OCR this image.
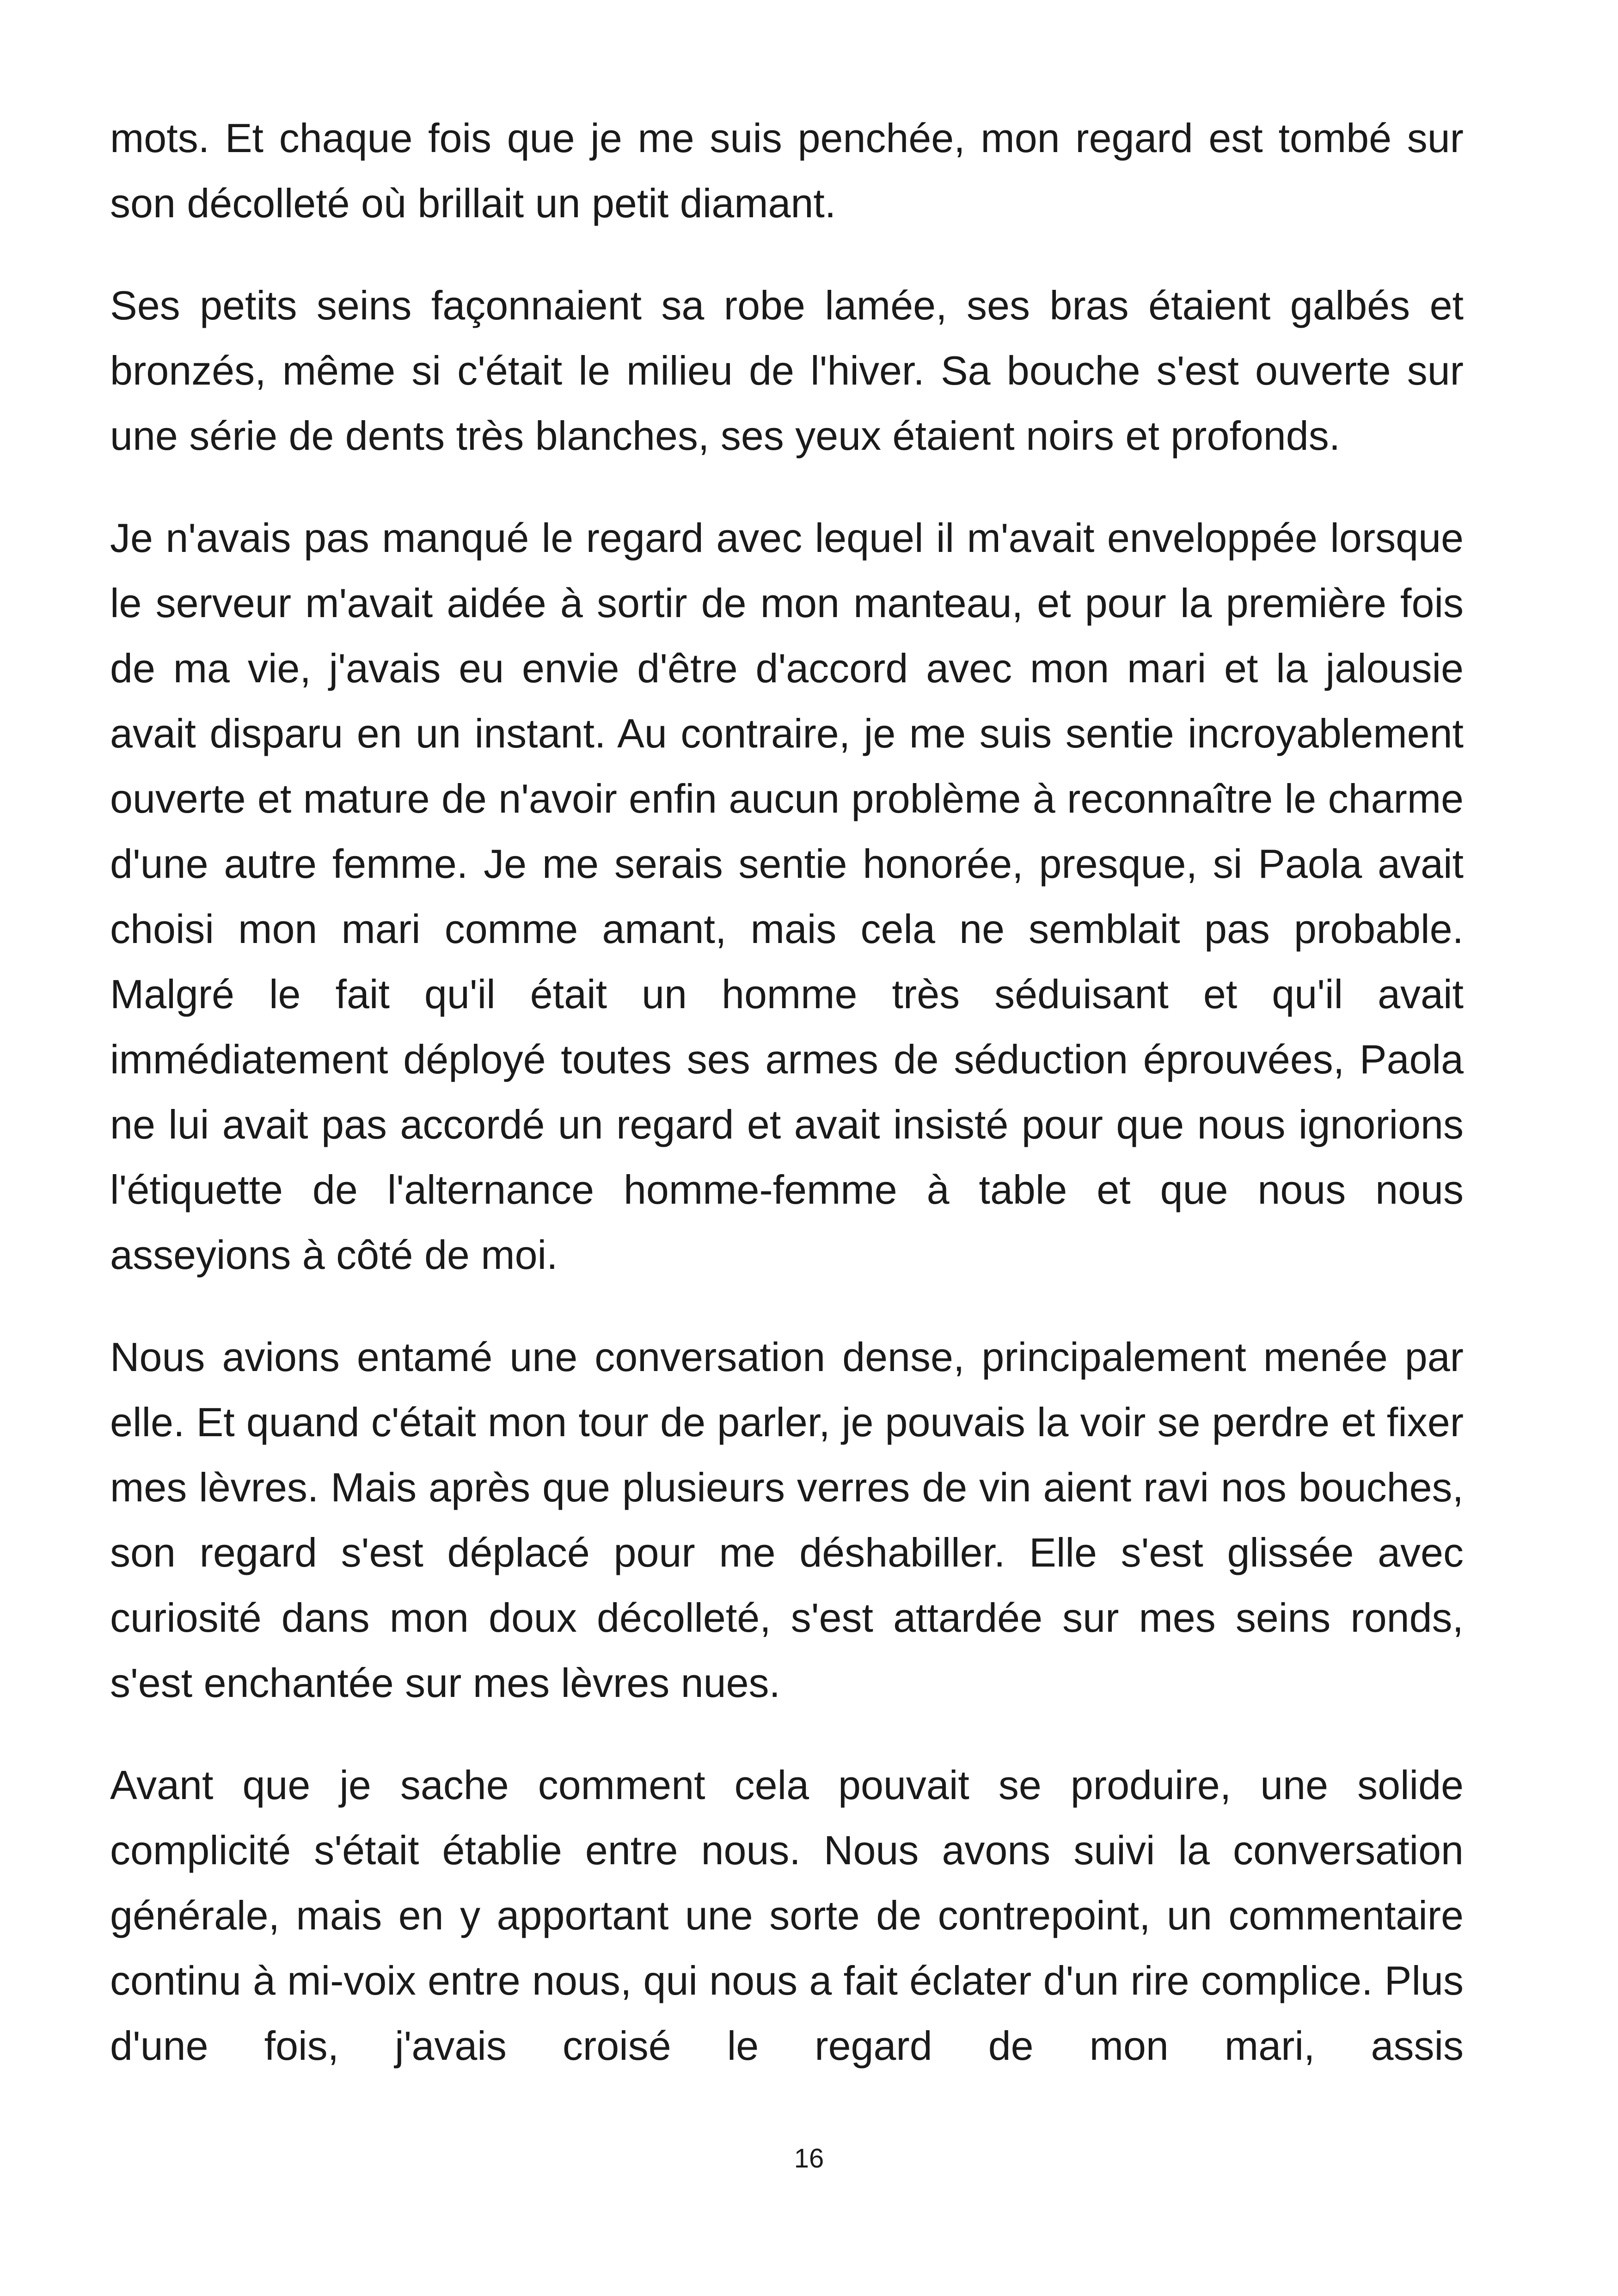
mots. Et chaque fois que je me suis penchée, mon regard est tombé sur son décolleté où brillait un petit diamant.

Ses petits seins façonnaient sa robe lamée, ses bras étaient galbés et bronzés, même si c'était le milieu de l'hiver. Sa bouche s'est ouverte sur une série de dents très blanches, ses yeux étaient noirs et profonds.

Je n'avais pas manqué le regard avec lequel il m'avait enveloppée lorsque le serveur m'avait aidée à sortir de mon manteau, et pour la première fois de ma vie, j'avais eu envie d'être d'accord avec mon mari et la jalousie avait disparu en un instant. Au contraire, je me suis sentie incroyablement ouverte et mature de n'avoir enfin aucun problème à reconnaître le charme d'une autre femme. Je me serais sentie honorée, presque, si Paola avait choisi mon mari comme amant, mais cela ne semblait pas probable. Malgré le fait qu'il était un homme très séduisant et qu'il avait immédiatement déployé toutes ses armes de séduction éprouvées, Paola ne lui avait pas accordé un regard et avait insisté pour que nous ignorions l'étiquette de l'alternance homme-femme à table et que nous nous asseyions à côté de moi.

Nous avions entamé une conversation dense, principalement menée par elle. Et quand c'était mon tour de parler, je pouvais la voir se perdre et fixer mes lèvres. Mais après que plusieurs verres de vin aient ravi nos bouches, son regard s'est déplacé pour me déshabiller. Elle s'est glissée avec curiosité dans mon doux décolleté, s'est attardée sur mes seins ronds, s'est enchantée sur mes lèvres nues.

Avant que je sache comment cela pouvait se produire, une solide complicité s'était établie entre nous. Nous avons suivi la conversation générale, mais en y apportant une sorte de contrepoint, un commentaire continu à mi-voix entre nous, qui nous a fait éclater d'un rire complice. Plus d'une fois, j'avais croisé le regard de mon mari, assis

16
